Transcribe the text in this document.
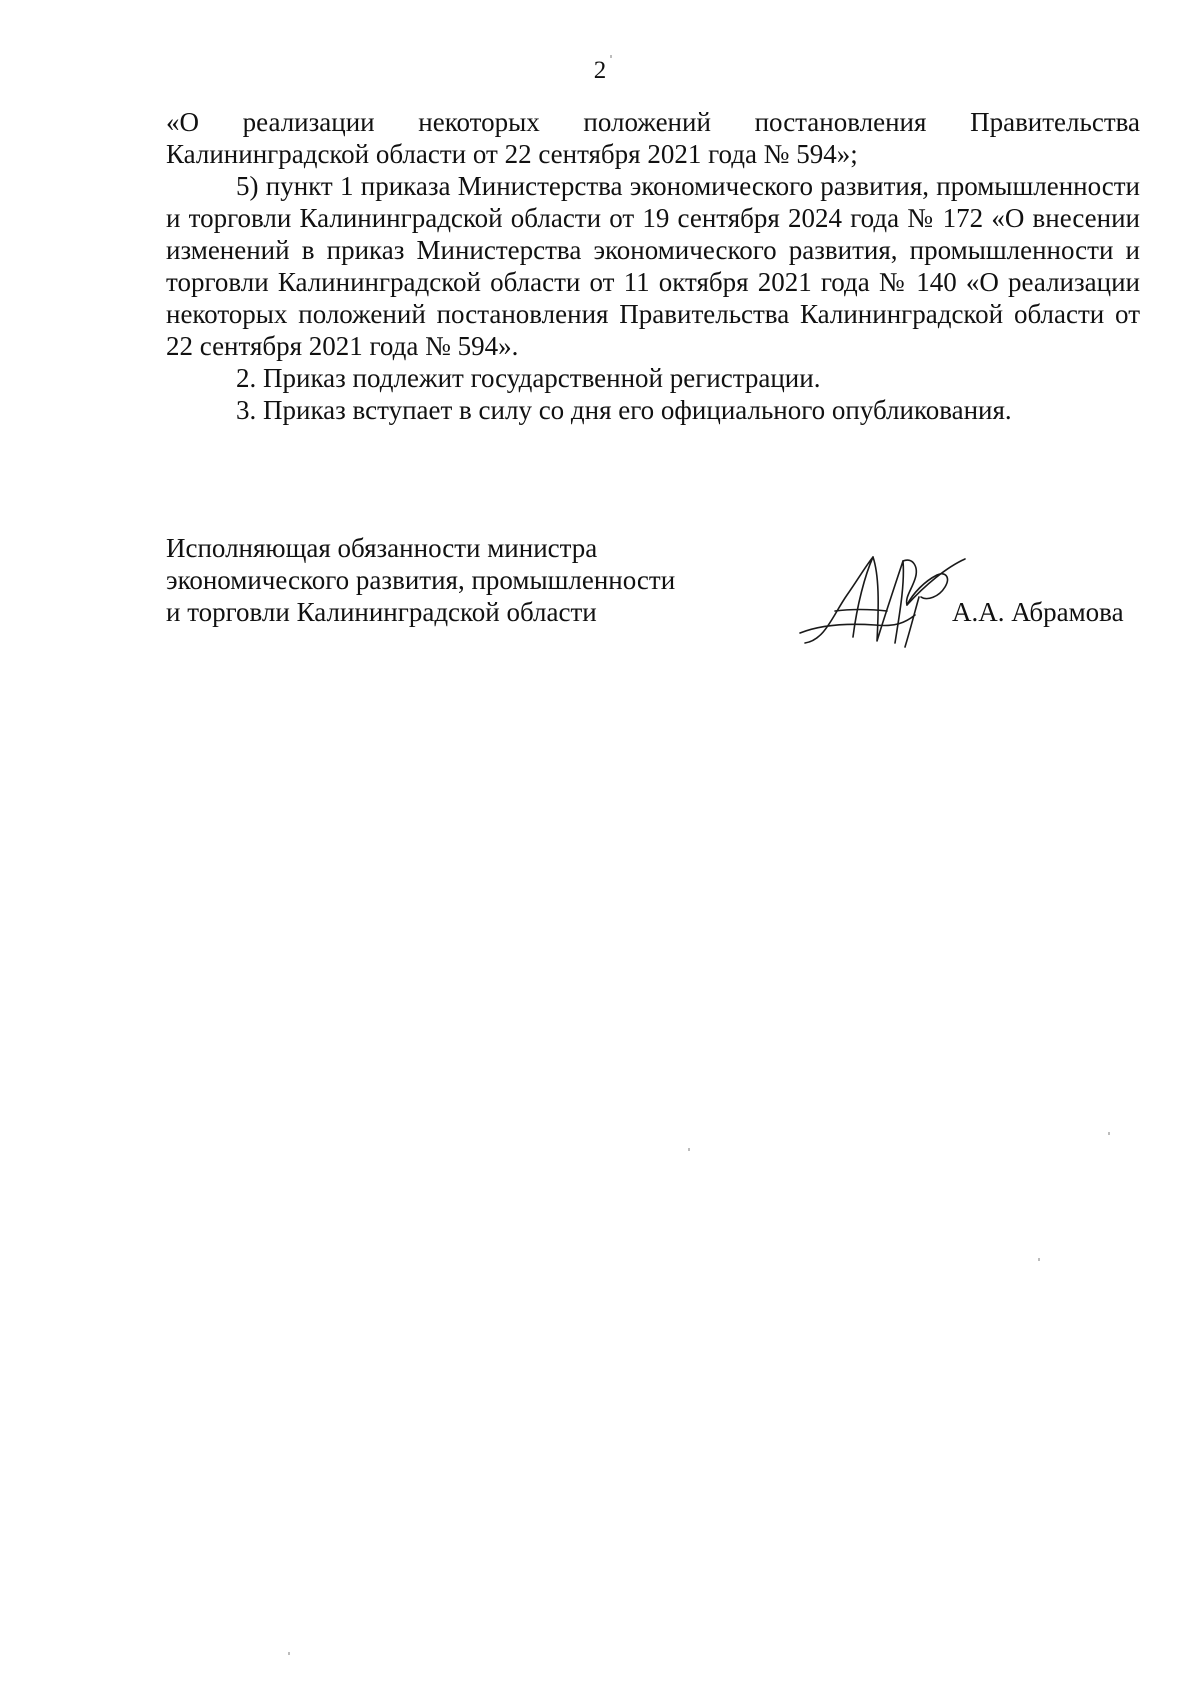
2

«О реализации некоторых положений постановления Правительства Калининградской области от 22 сентября 2021 года № 594»;

5) пункт 1 приказа Министерства экономического развития, промышленности и торговли Калининградской области от 19 сентября 2024 года № 172 «О внесении изменений в приказ Министерства экономического развития, промышленности и торговли Калининградской области от 11 октября 2021 года № 140 «О реализации некоторых положений постановления Правительства Калининградской области от 22 сентября 2021 года № 594».

2. Приказ подлежит государственной регистрации.

3. Приказ вступает в силу со дня его официального опубликования.

Исполняющая обязанности министра
экономического развития, промышленности
и торговли Калининградской области	А.А. Абрамова
